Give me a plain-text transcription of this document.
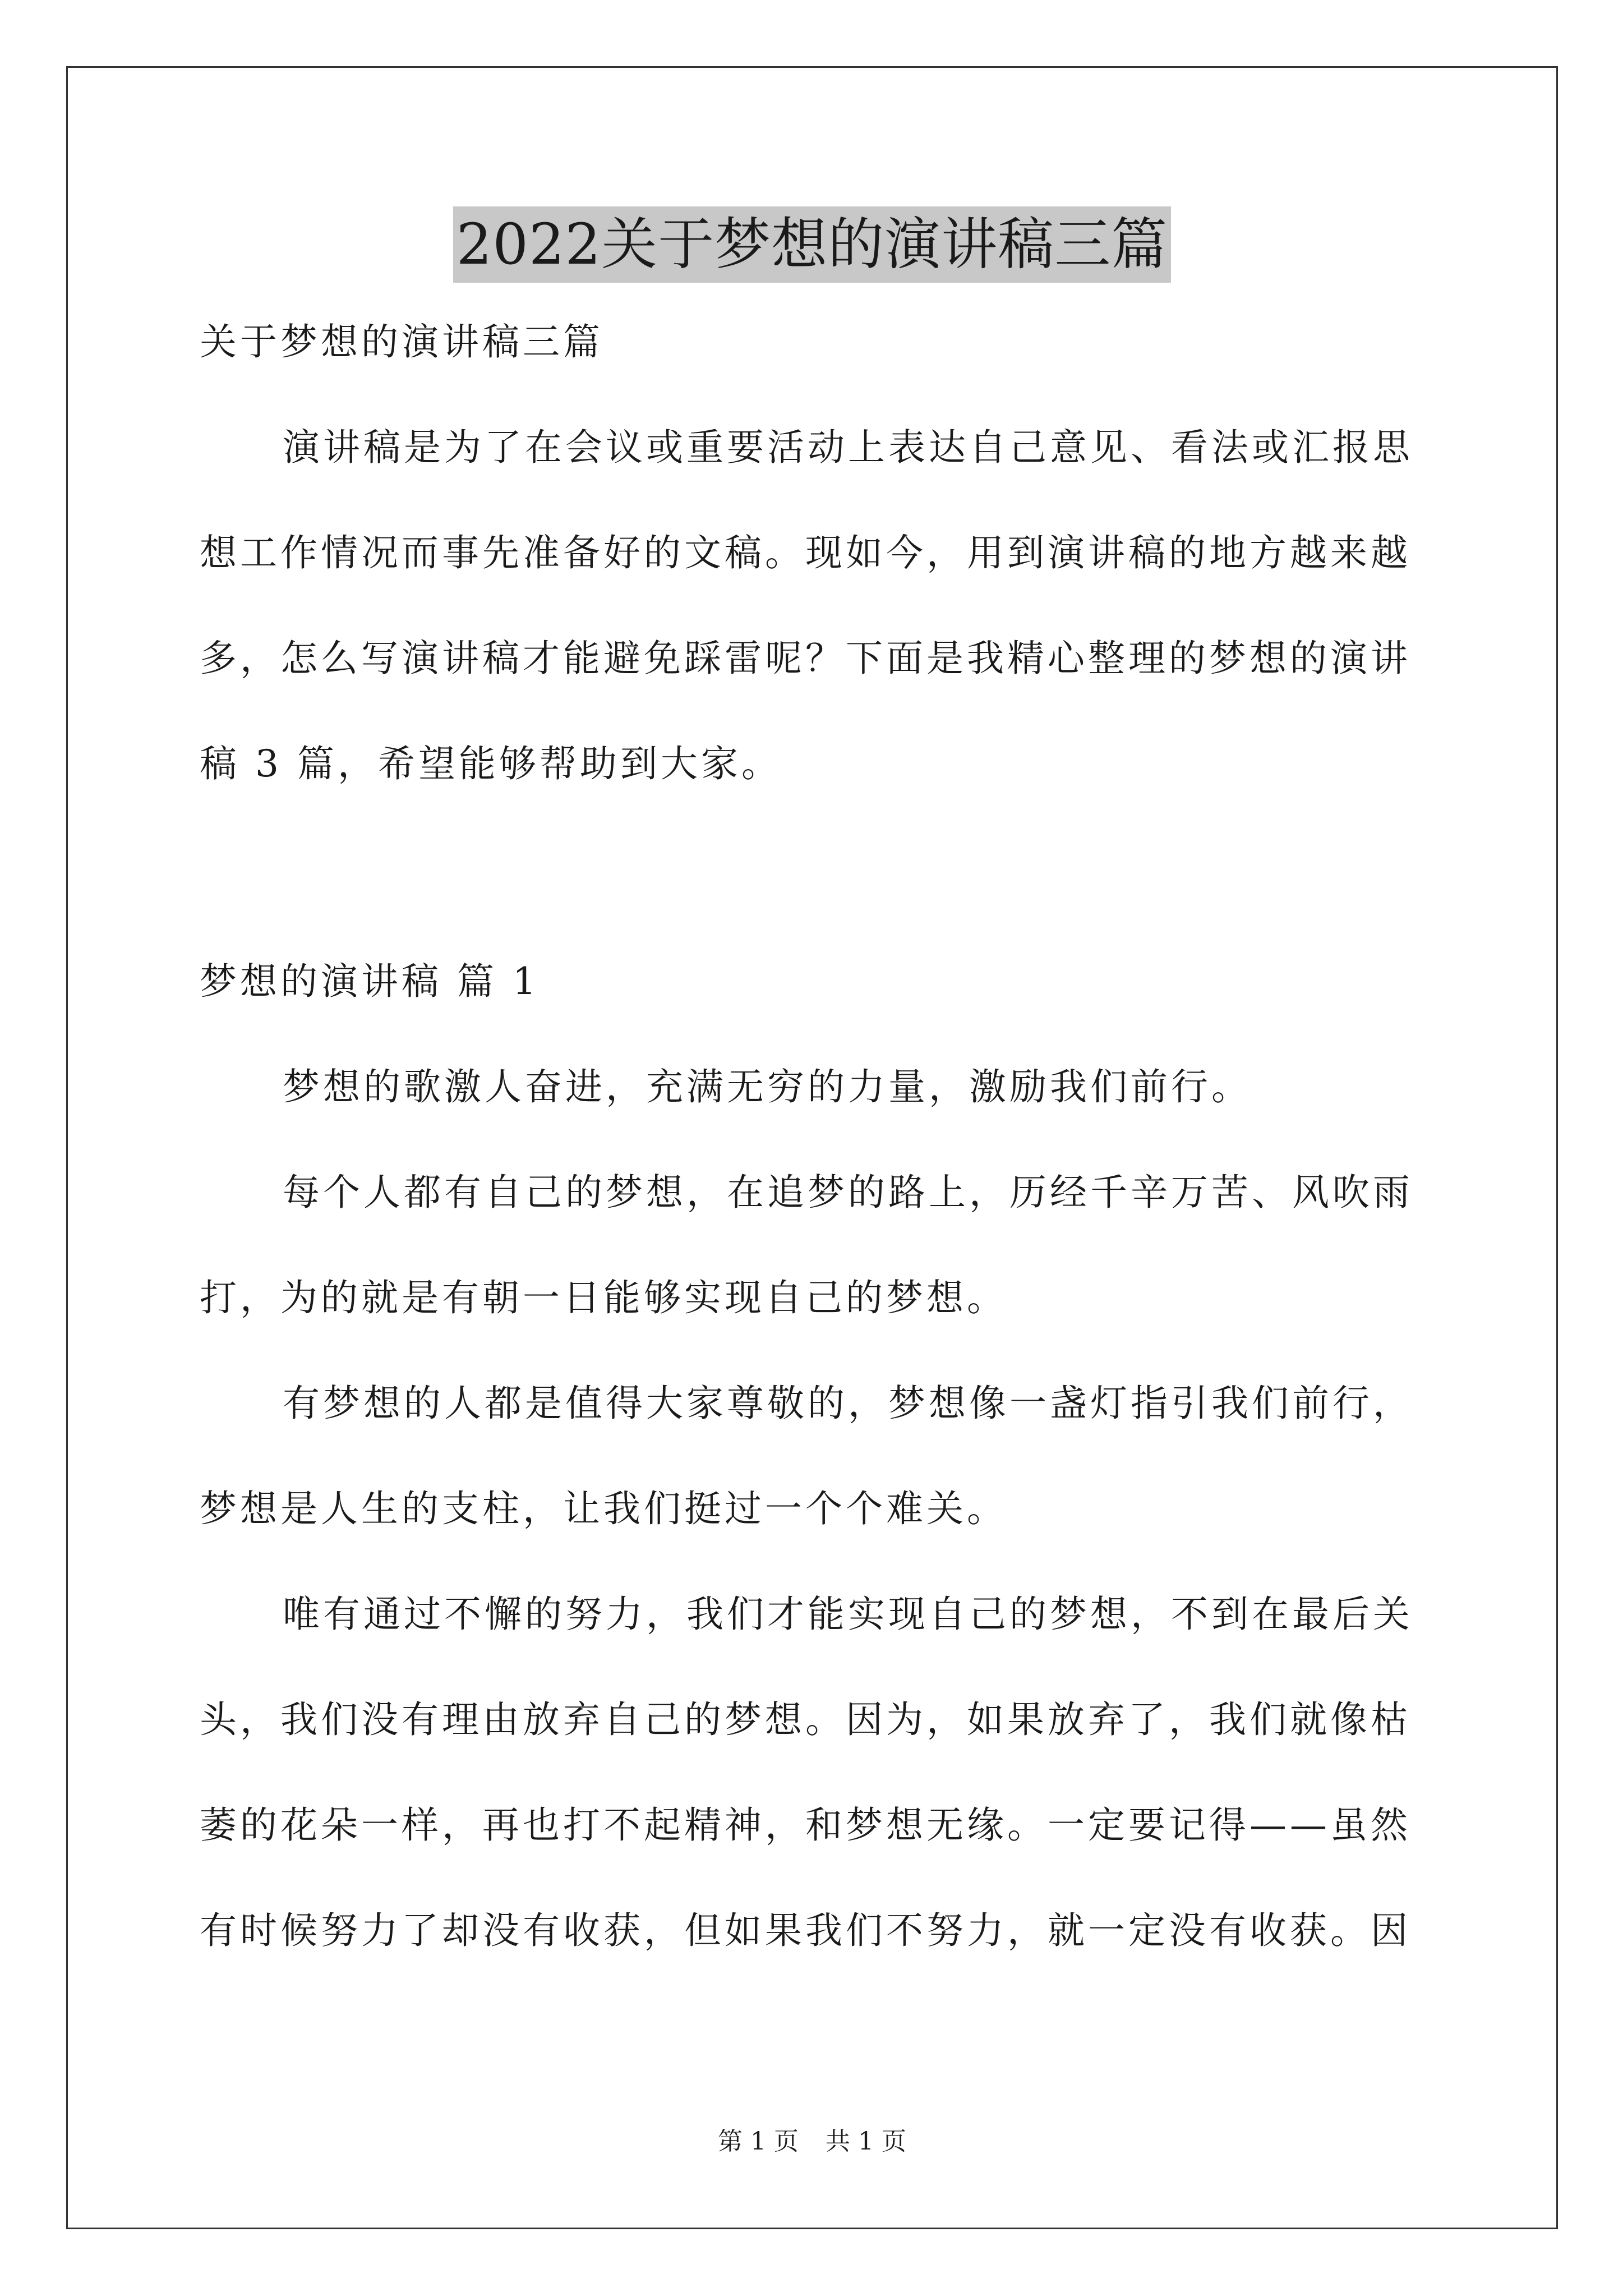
2022关于梦想的演讲稿三篇
关于梦想的演讲稿三篇
演讲稿是为了在会议或重要活动上表达自己意见、看法或汇报思
想工作情况而事先准备好的文稿。现如今，用到演讲稿的地方越来越
多，怎么写演讲稿才能避免踩雷呢？下面是我精心整理的梦想的演讲
稿 3 篇，希望能够帮助到大家。
梦想的演讲稿 篇 1
梦想的歌激人奋进，充满无穷的力量，激励我们前行。
每个人都有自己的梦想，在追梦的路上，历经千辛万苦、风吹雨
打，为的就是有朝一日能够实现自己的梦想。
有梦想的人都是值得大家尊敬的，梦想像一盏灯指引我们前行，
梦想是人生的支柱，让我们挺过一个个难关。
唯有通过不懈的努力，我们才能实现自己的梦想，不到在最后关
头，我们没有理由放弃自己的梦想。因为，如果放弃了，我们就像枯
萎的花朵一样，再也打不起精神，和梦想无缘。一定要记得——虽然
有时候努力了却没有收获，但如果我们不努力，就一定没有收获。因
第 1 页 共 1 页
